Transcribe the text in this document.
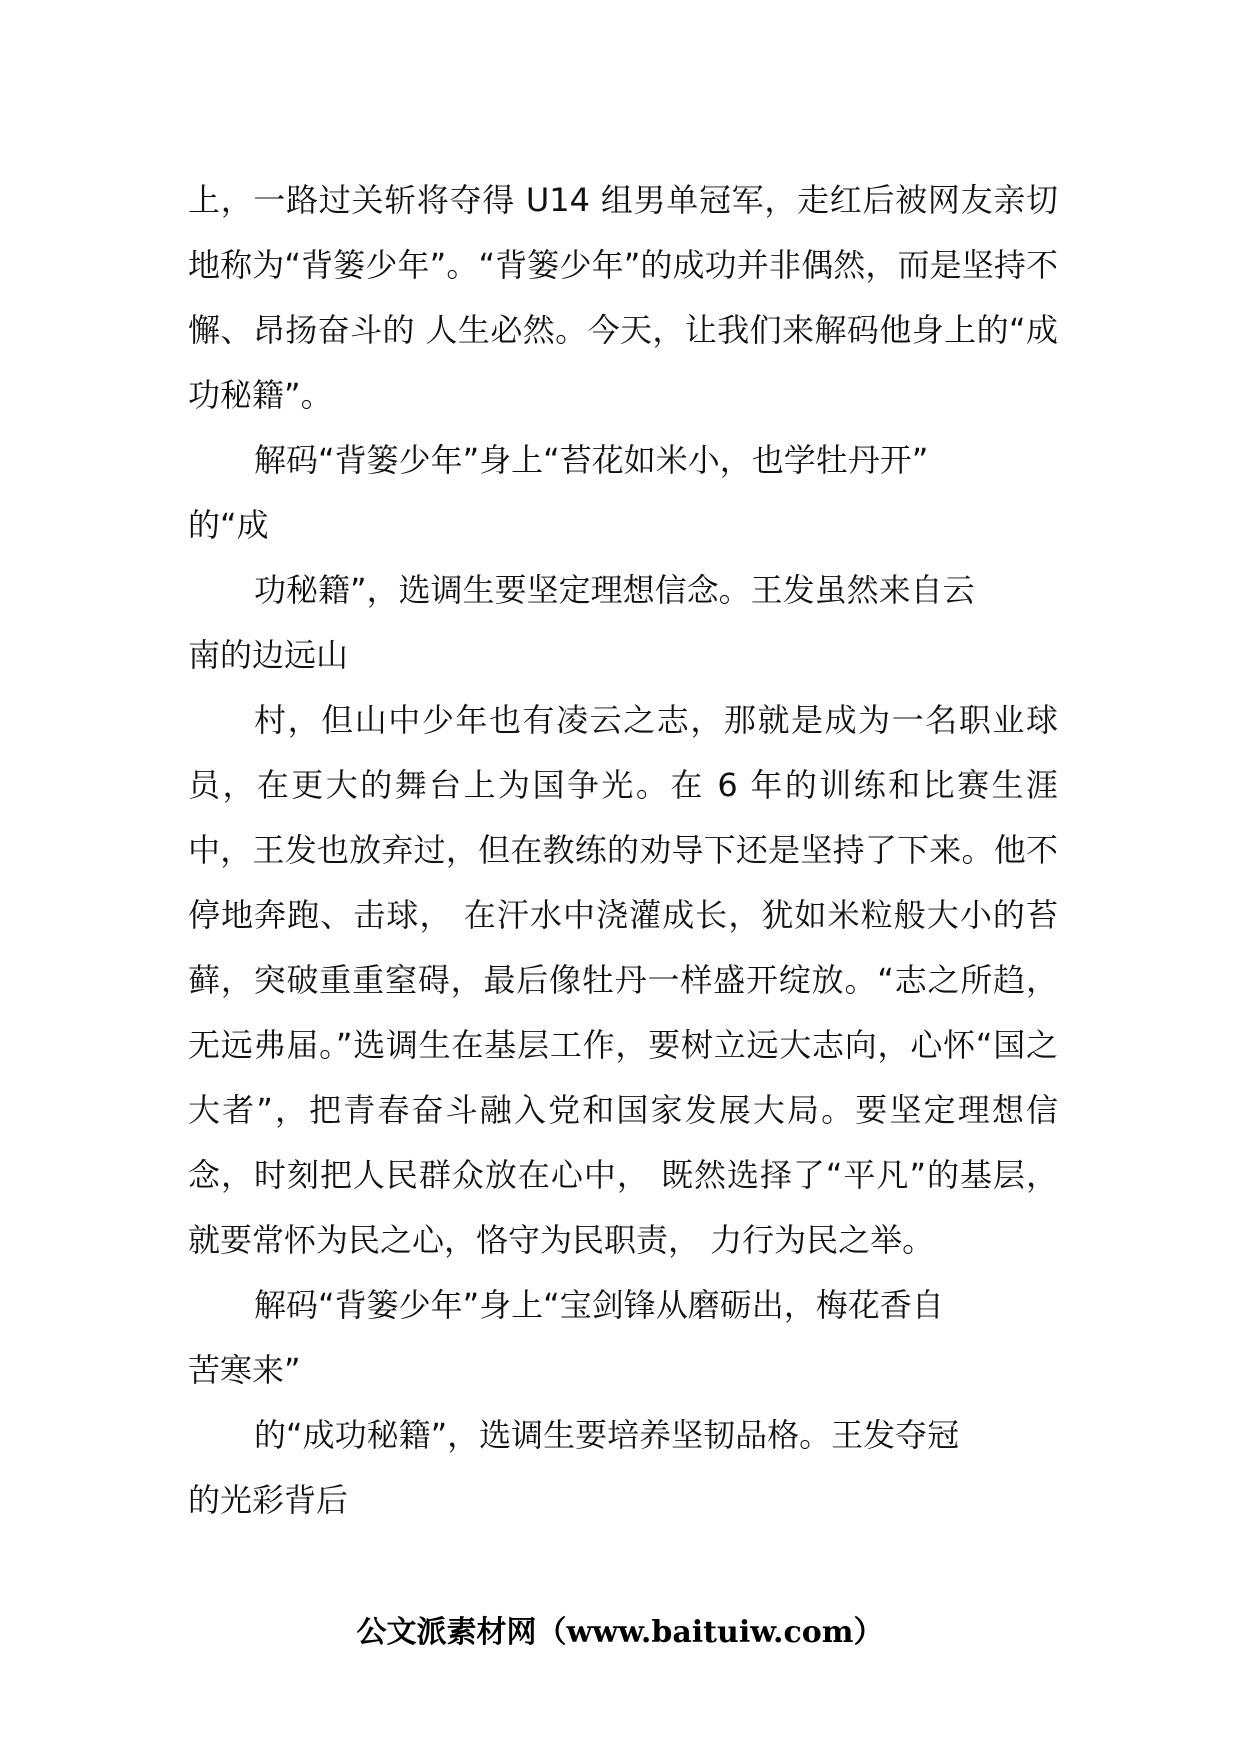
上，一路过关斩将夺得 U14 组男单冠军，走红后被网友亲切地称为“背篓少年”。“背篓少年”的成功并非偶然，而是坚持不懈、昂扬奋斗的 人生必然。今天，让我们来解码他身上的“成功秘籍”。

解码“背篓少年”身上“苔花如米小，也学牡丹开”

的“成

功秘籍”，选调生要坚定理想信念。王发虽然来自云

南的边远山

村，但山中少年也有凌云之志，那就是成为一名职业球员，在更大的舞台上为国争光。在 6 年的训练和比赛生涯中，王发也放弃过，但在教练的劝导下还是坚持了下来。他不停地奔跑、击球， 在汗水中浇灌成长，犹如米粒般大小的苔藓，突破重重窒碍，最后像牡丹一样盛开绽放。“志之所趋，无远弗届。”选调生在基层工作，要树立远大志向，心怀“国之大者”，把青春奋斗融入党和国家发展大局。要坚定理想信念，时刻把人民群众放在心中， 既然选择了“平凡”的基层，就要常怀为民之心，恪守为民职责， 力行为民之举。

解码“背篓少年”身上“宝剑锋从磨砺出，梅花香自

苦寒来”

的“成功秘籍”，选调生要培养坚韧品格。王发夺冠

的光彩背后

公文派素材网（www.baituiw.com）
